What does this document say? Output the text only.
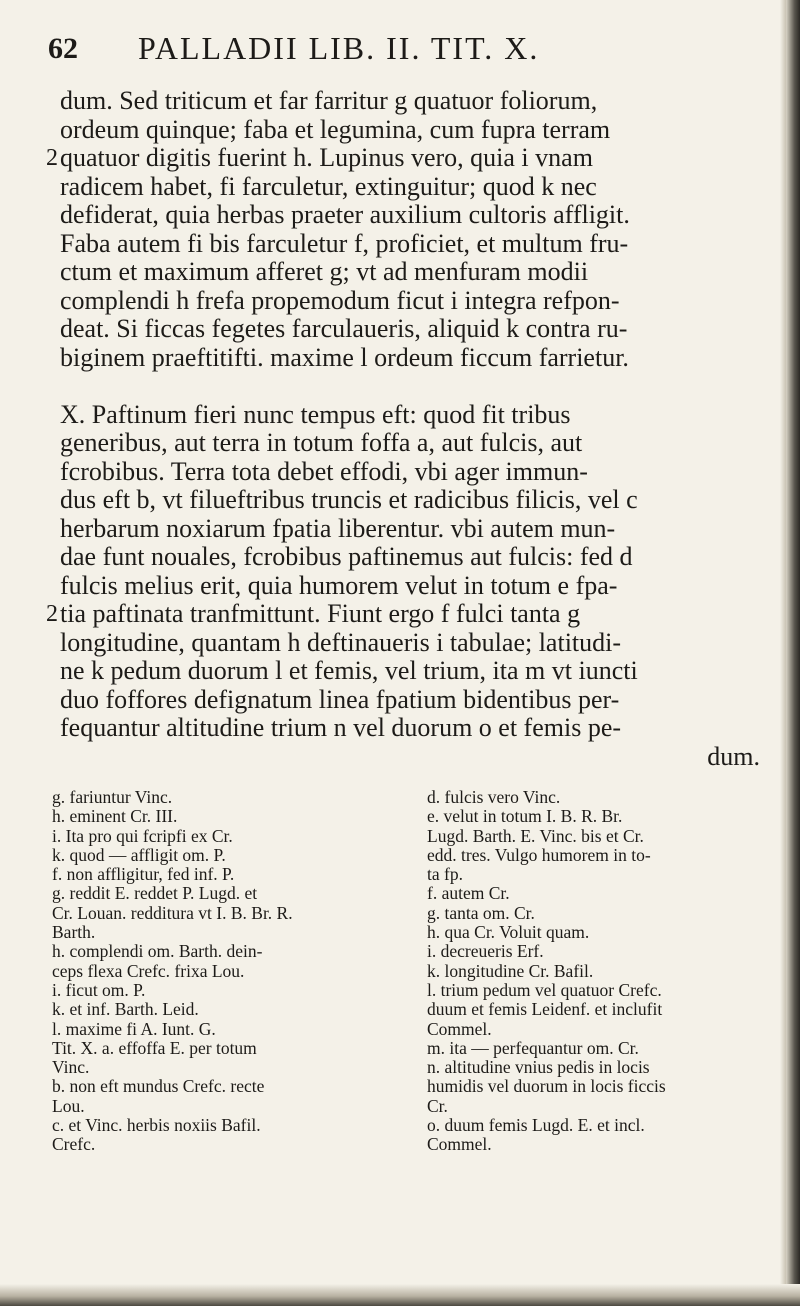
62 PALLADII LIB. II. TIT. X.
dum. Sed triticum et far farritur g quatuor foliorum,
ordeum quinque; faba et legumina, cum fupra terram
2 quatuor digitis fuerint h. Lupinus vero, quia i vnam
radicem habet, fi farculetur, extinguitur; quod k nec
defiderat, quia herbas praeter auxilium cultoris affligit.
Faba autem fi bis farculetur f, proficiet, et multum fru-
ctum et maximum afferet g; vt ad menfuram modii
complendi h frefa propemodum ficut i integra refpon-
deat. Si ficcas fegetes farculaueris, aliquid k contra ru-
biginem praeftitifti. maxime l ordeum ficcum farrietur.
X. Paftinum fieri nunc tempus eft: quod fit tribus
generibus, aut terra in totum foffa a, aut fulcis, aut
fcrobibus. Terra tota debet effodi, vbi ager immun-
dus eft b, vt filueftribus truncis et radicibus filicis, vel c
herbarum noxiarum fpatia liberentur. vbi autem mun-
dae funt nouales, fcrobibus paftinemus aut fulcis: fed d
fulcis melius erit, quia humorem velut in totum e fpa-
2 tia paftinata tranfmittunt. Fiunt ergo f fulci tanta g
longitudine, quantam h deftinaueris i tabulae; latitudi-
ne k pedum duorum l et femis, vel trium, ita m vt iuncti
duo foffores defignatum linea fpatium bidentibus per-
fequantur altitudine trium n vel duorum o et femis pe-
dum.
g. fariuntur Vinc.
h. eminent Cr. III.
i. Ita pro qui fcripfi ex Cr.
k. quod — affligit om. P.
f. non affligitur, fed inf. P.
g. reddit E. reddet P. Lugd. et
Cr. Louan. redditura vt I. B. Br. R.
Barth.
h. complendi om. Barth. dein-
ceps flexa Crefc. frixa Lou.
i. ficut om. P.
k. et inf. Barth. Leid.
l. maxime fi A. Iunt. G.
Tit. X. a. effoffa E. per totum
Vinc.
b. non eft mundus Crefc. recte
Lou.
c. et Vinc. herbis noxiis Bafil.
Crefc.
d. fulcis vero Vinc.
e. velut in totum I. B. R. Br.
Lugd. Barth. E. Vinc. bis et Cr.
edd. tres. Vulgo humorem in to-
ta fp.
f. autem Cr.
g. tanta om. Cr.
h. qua Cr. Voluit quam.
i. decreueris Erf.
k. longitudine Cr. Bafil.
l. trium pedum vel quatuor Crefc.
duum et femis Leidenf. et inclufit
Commel.
m. ita — perfequantur om. Cr.
n. altitudine vnius pedis in locis
humidis vel duorum in locis ficcis
Cr.
o. duum femis Lugd. E. et incl.
Commel.
